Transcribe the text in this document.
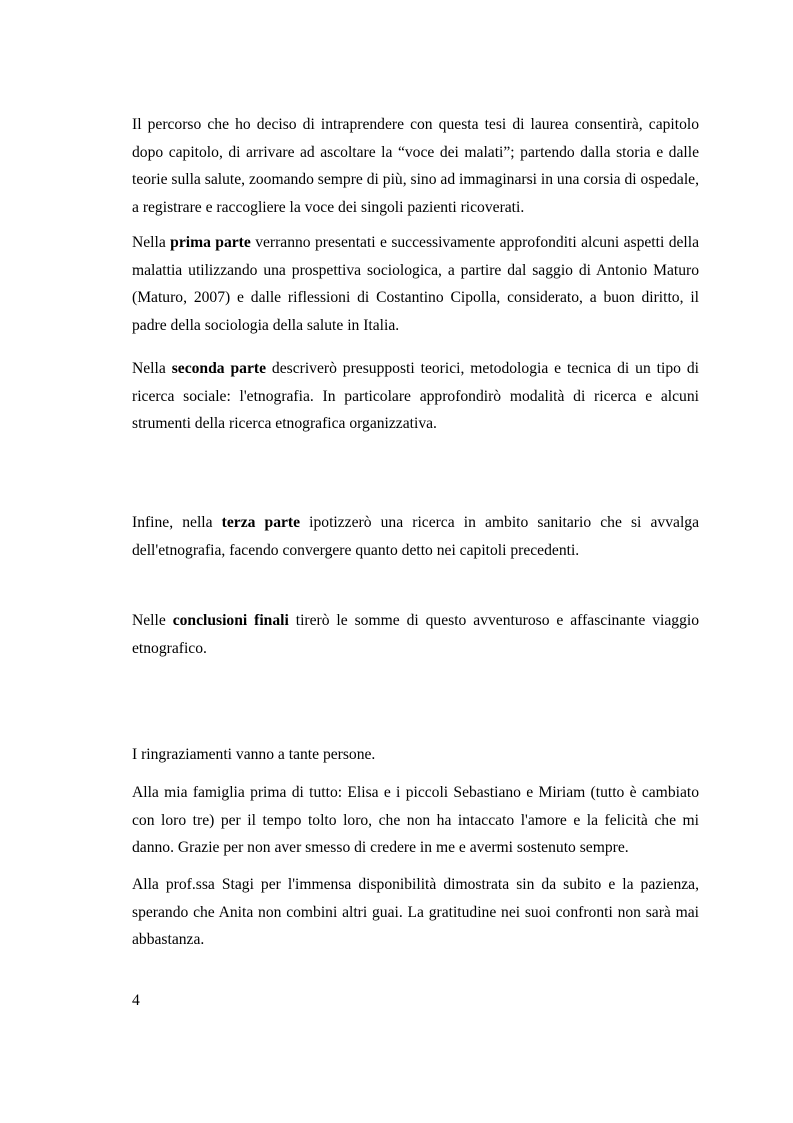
Il percorso che ho deciso di intraprendere con questa tesi di laurea consentirà, capitolo dopo capitolo, di arrivare ad ascoltare la “voce dei malati”; partendo dalla storia e dalle teorie sulla salute, zoomando sempre di più, sino ad immaginarsi in una corsia di ospedale, a registrare e raccogliere la voce dei singoli pazienti ricoverati.

Nella prima parte verranno presentati e successivamente approfonditi alcuni aspetti della malattia utilizzando una prospettiva sociologica, a partire dal saggio di Antonio Maturo (Maturo, 2007) e dalle riflessioni di Costantino Cipolla, considerato, a buon diritto, il padre della sociologia della salute in Italia.

Nella seconda parte descriverò presupposti teorici, metodologia e tecnica di un tipo di ricerca sociale: l'etnografia. In particolare approfondirò modalità di ricerca e alcuni strumenti della ricerca etnografica organizzativa.

Infine, nella terza parte ipotizzerò una ricerca in ambito sanitario che si avvalga dell'etnografia, facendo convergere quanto detto nei capitoli precedenti.

Nelle conclusioni finali tirerò le somme di questo avventuroso e affascinante viaggio etnografico.

I ringraziamenti vanno a tante persone.

Alla mia famiglia prima di tutto: Elisa e i piccoli Sebastiano e Miriam (tutto è cambiato con loro tre) per il tempo tolto loro, che non ha intaccato l'amore e la felicità che mi danno. Grazie per non aver smesso di credere in me e avermi sostenuto sempre.

Alla prof.ssa Stagi per l'immensa disponibilità dimostrata sin da subito e la pazienza, sperando che Anita non combini altri guai. La gratitudine nei suoi confronti non sarà mai abbastanza.

4
